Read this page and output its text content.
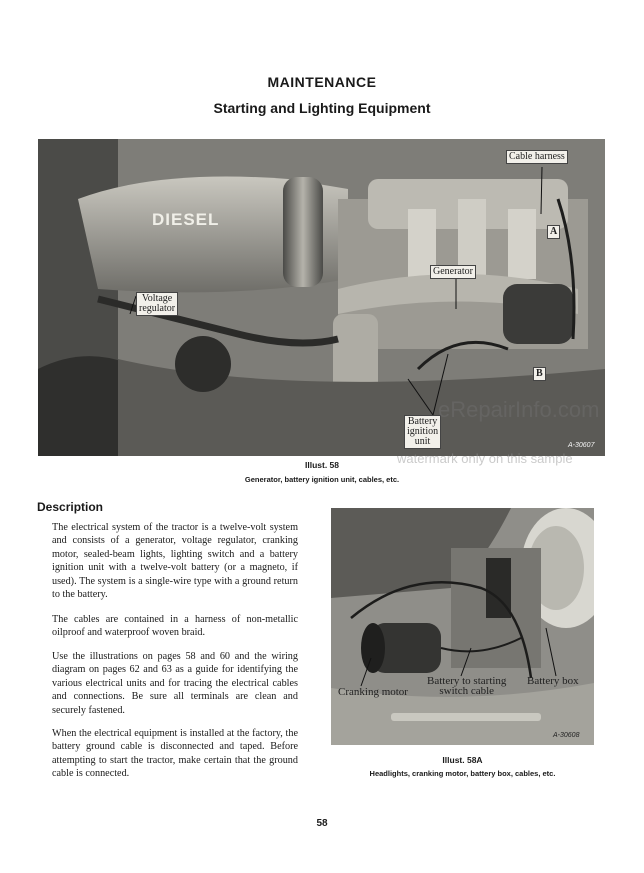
MAINTENANCE
Starting and Lighting Equipment
DIESEL
Cable harness
A
Generator
Voltage
regulator
B
Battery
ignition
unit	A-30607
eRepairInfo.com
watermark only on this sample
Illust. 58
Generator, battery ignition unit, cables, etc.
Description
The electrical system of the tractor is a twelve-volt system and consists of a generator, voltage regulator, cranking motor, sealed-beam lights, lighting switch and a battery ignition unit with a twelve-volt battery (or a magneto, if used). The system is a single-wire type with a ground return to the battery.
The cables are contained in a harness of non-metallic oilproof and waterproof woven braid.
Use the illustrations on pages 58 and 60 and the wiring diagram on pages 62 and 63 as a guide for identifying the various electrical units and for tracing the electrical cables and connections. Be sure all terminals are clean and securely fastened.
When the electrical equipment is installed at the factory, the battery ground cable is disconnected and taped. Before attempting to start the tractor, make certain that the ground cable is connected.
Cranking motor
Battery to starting
switch cable
Battery box
A-30608
Illust. 58A
Headlights, cranking motor, battery box, cables, etc.
58
